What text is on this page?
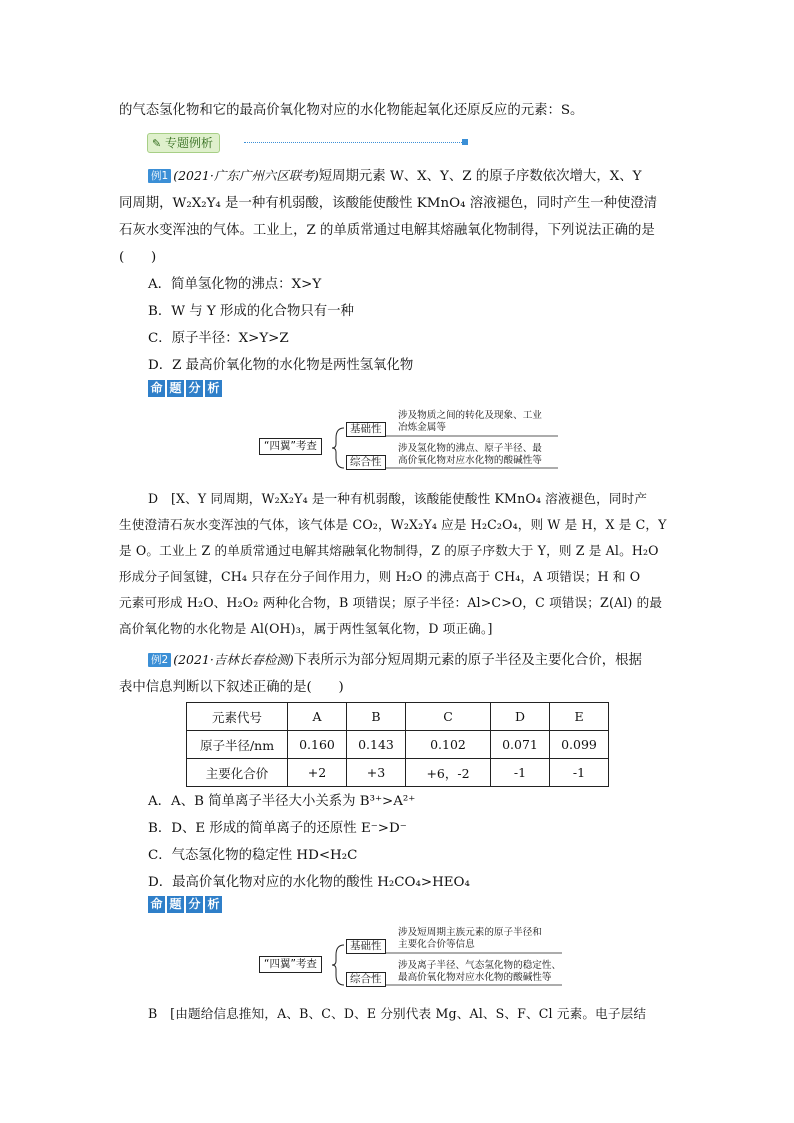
的气态氢化物和它的最高价氧化物对应的水化物能起氧化还原反应的元素：S。
✎ 专题例析
例1 (2021·广东广州六区联考)短周期元素 W、X、Y、Z 的原子序数依次增大，X、Y
同周期，W₂X₂Y₄ 是一种有机弱酸，该酸能使酸性 KMnO₄ 溶液褪色，同时产生一种使澄清
石灰水变浑浊的气体。工业上，Z 的单质常通过电解其熔融氧化物制得，下列说法正确的是
(　　)
A．简单氢化物的沸点：X>Y
B．W 与 Y 形成的化合物只有一种
C．原子半径：X>Y>Z
D．Z 最高价氧化物的水化物是两性氢氧化物
命 题 分 析
“四翼”考查
基础性
综合性
涉及物质之间的转化及现象、工业
冶炼金属等
涉及氢化物的沸点、原子半径、最
高价氧化物对应水化物的酸碱性等
D　[X、Y 同周期，W₂X₂Y₄ 是一种有机弱酸，该酸能使酸性 KMnO₄ 溶液褪色，同时产
生使澄清石灰水变浑浊的气体，该气体是 CO₂，W₂X₂Y₄ 应是 H₂C₂O₄，则 W 是 H，X 是 C，Y
是 O。工业上 Z 的单质常通过电解其熔融氧化物制得，Z 的原子序数大于 Y，则 Z 是 Al。H₂O
形成分子间氢键，CH₄ 只存在分子间作用力，则 H₂O 的沸点高于 CH₄，A 项错误；H 和 O
元素可形成 H₂O、H₂O₂ 两种化合物，B 项错误；原子半径：Al>C>O，C 项错误；Z(Al) 的最
高价氧化物的水化物是 Al(OH)₃，属于两性氢氧化物，D 项正确。]
例2 (2021·吉林长春检测)下表所示为部分短周期元素的原子半径及主要化合价，根据
表中信息判断以下叙述正确的是(　　)
元素代号	A	B	C	D	E
原子半径/nm	0.160	0.143	0.102	0.071	0.099
主要化合价	+2	+3	+6，-2	-1	-1
A．A、B 简单离子半径大小关系为 B³⁺>A²⁺
B．D、E 形成的简单离子的还原性 E⁻>D⁻
C．气态氢化物的稳定性 HD<H₂C
D．最高价氧化物对应的水化物的酸性 H₂CO₄>HEO₄
命 题 分 析
“四翼”考查
基础性
综合性
涉及短周期主族元素的原子半径和
主要化合价等信息
涉及离子半径、气态氢化物的稳定性、
最高价氧化物对应水化物的酸碱性等
B　[由题给信息推知，A、B、C、D、E 分别代表 Mg、Al、S、F、Cl 元素。电子层结
